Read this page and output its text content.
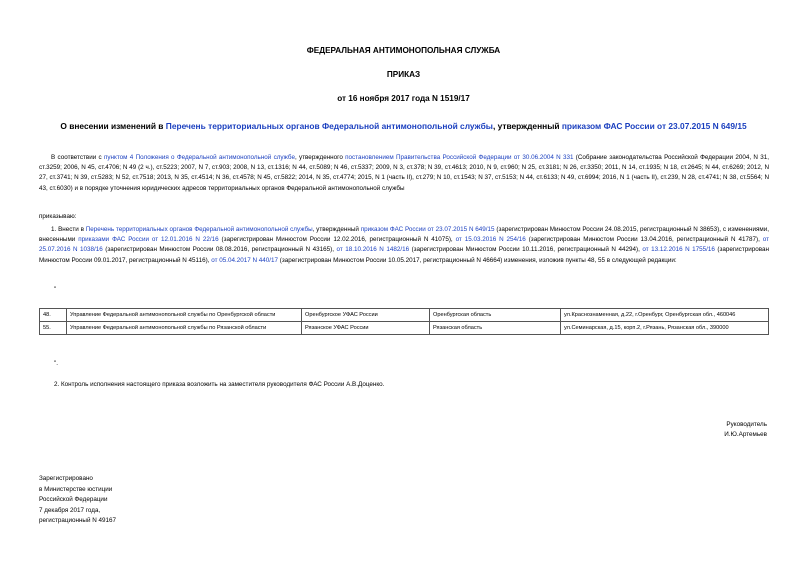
ФЕДЕРАЛЬНАЯ АНТИМОНОПОЛЬНАЯ СЛУЖБА
ПРИКАЗ
от 16 ноября 2017 года N 1519/17
О внесении изменений в Перечень территориальных органов Федеральной антимонопольной службы, утвержденный приказом ФАС России от 23.07.2015 N 649/15
В соответствии с пунктом 4 Положения о Федеральной антимонопольной службе, утвержденного постановлением Правительства Российской Федерации от 30.06.2004 N 331 (Собрание законодательства Российской Федерации 2004, N 31, ст.3259; 2006, N 45, ст.4706; N 49 (2 ч.), ст.5223; 2007, N 7, ст.903; 2008, N 13, ст.1316; N 44, ст.5089; N 46, ст.5337; 2009, N 3, ст.378; N 39, ст.4613; 2010, N 9, ст.960; N 25, ст.3181; N 26, ст.3350; 2011, N 14, ст.1935; N 18, ст.2645; N 44, ст.6269; 2012, N 27, ст.3741; N 39, ст.5283; N 52, ст.7518; 2013, N 35, ст.4514; N 36, ст.4578; N 45, ст.5822; 2014, N 35, ст.4774; 2015, N 1 (часть II), ст.279; N 10, ст.1543; N 37, ст.5153; N 44, ст.6133; N 49, ст.6994; 2016, N 1 (часть II), ст.239, N 28, ст.4741; N 38, ст.5564; N 43, ст.6030) и в порядке уточнения юридических адресов территориальных органов Федеральной антимонопольной службы
приказываю:
1. Внести в Перечень территориальных органов Федеральной антимонопольной службы, утвержденный приказом ФАС России от 23.07.2015 N 649/15 (зарегистрирован Минюстом России 24.08.2015, регистрационный N 38653), с изменениями, внесенными приказами ФАС России от 12.01.2016 N 22/16 (зарегистрирован Минюстом России 12.02.2016, регистрационный N 41075), от 15.03.2016 N 254/16 (зарегистрирован Минюстом России 13.04.2016, регистрационный N 41787), от 25.07.2016 N 1038/16 (зарегистрирован Минюстом России 08.08.2016, регистрационный N 43165), от 18.10.2016 N 1482/16 (зарегистрирован Минюстом России 10.11.2016, регистрационный N 44294), от 13.12.2016 N 1755/16 (зарегистрирован Минюстом России 09.01.2017, регистрационный N 45116), от 05.04.2017 N 440/17 (зарегистрирован Минюстом России 10.05.2017, регистрационный N 46664) изменения, изложив пункты 48, 55 в следующей редакции:
"
48.	Управление Федеральной антимонопольной службы по Оренбургской области	Оренбургское УФАС России	Оренбургская область	ул.Краснознаменная, д.22, г.Оренбург, Оренбургская обл., 460046
55.	Управление Федеральной антимонопольной службы по Рязанской области	Рязанское УФАС России	Рязанская область	ул.Семинарская, д.15, корп.2, г.Рязань, Рязанская обл., 390000
".
2. Контроль исполнения настоящего приказа возложить на заместителя руководителя ФАС России А.В.Доценко.
Руководитель
И.Ю.Артемьев
Зарегистрировано
в Министерстве юстиции
Российской Федерации
7 декабря 2017 года,
регистрационный N 49167
